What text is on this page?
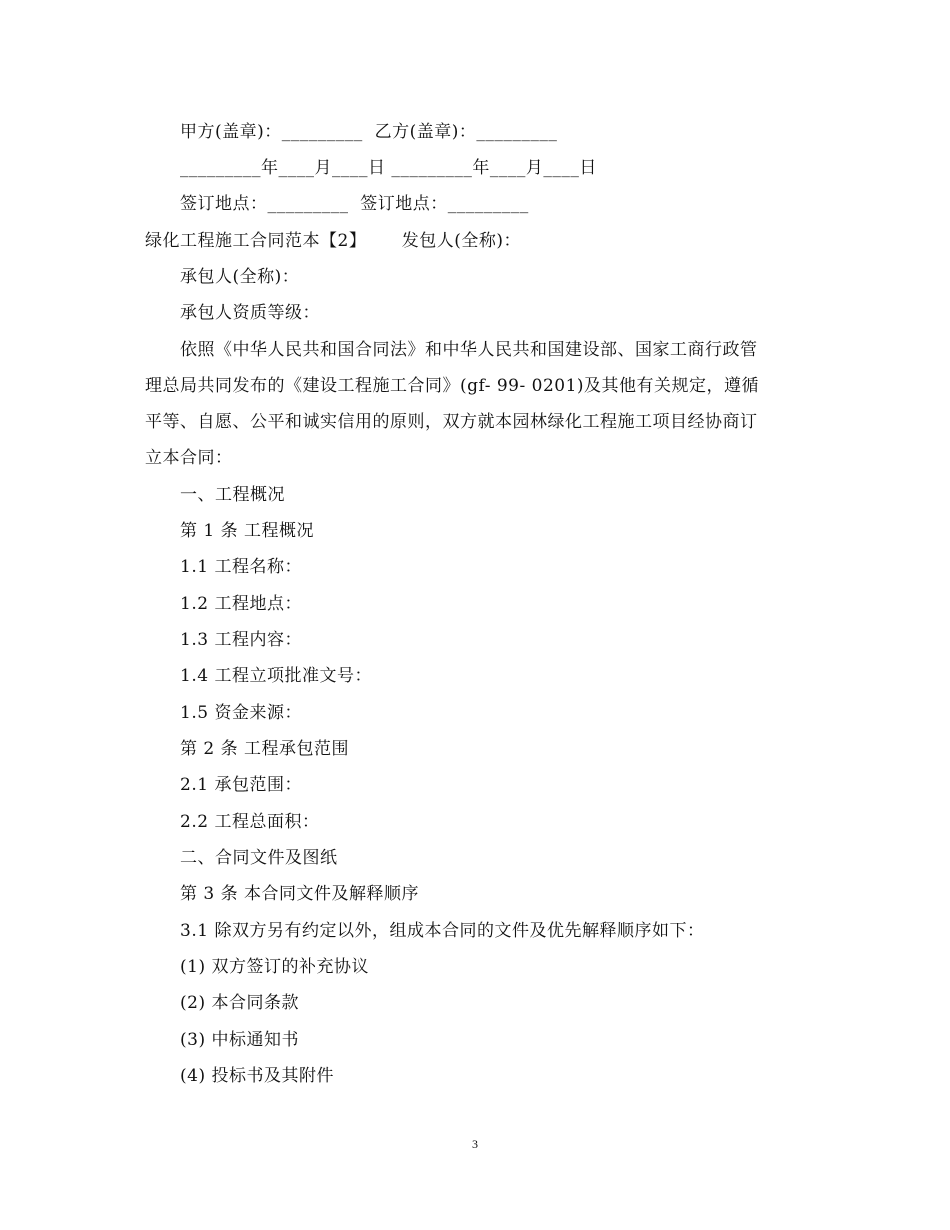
甲方(盖章)：_________  乙方(盖章)：_________
_________年____月____日 _________年____月____日
签订地点：_________  签订地点：_________
绿化工程施工合同范本【2】      发包人(全称)：
承包人(全称)：
承包人资质等级：
依照《中华人民共和国合同法》和中华人民共和国建设部、国家工商行政管
理总局共同发布的《建设工程施工合同》(gf- 99- 0201)及其他有关规定，遵循
平等、自愿、公平和诚实信用的原则，双方就本园林绿化工程施工项目经协商订
立本合同：
一、工程概况
第 1 条 工程概况
1.1 工程名称：
1.2 工程地点：
1.3 工程内容：
1.4 工程立项批准文号：
1.5 资金来源：
第 2 条 工程承包范围
2.1 承包范围：
2.2 工程总面积：
二、合同文件及图纸
第 3 条 本合同文件及解释顺序
3.1 除双方另有约定以外，组成本合同的文件及优先解释顺序如下：
(1) 双方签订的补充协议
(2) 本合同条款
(3) 中标通知书
(4) 投标书及其附件
3
